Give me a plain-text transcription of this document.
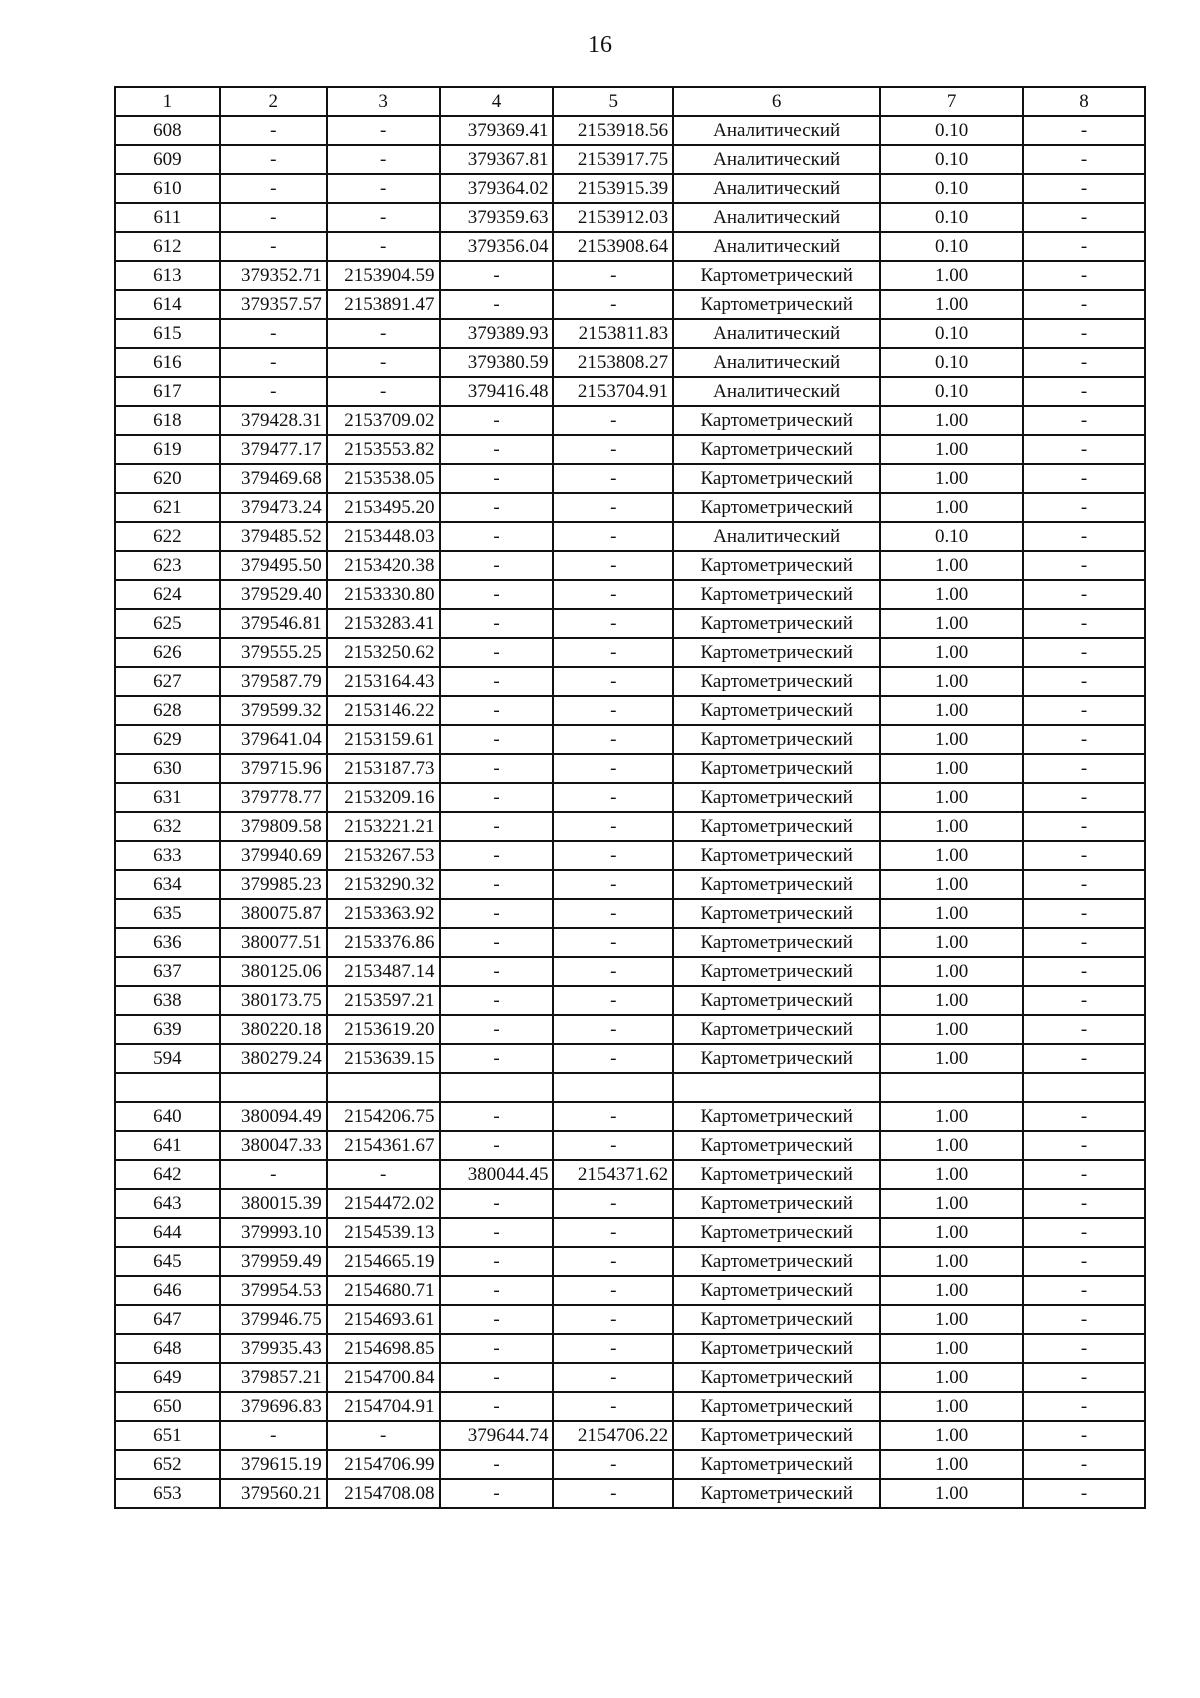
16
1	2	3	4	5	6	7	8
608	-	-	379369.41	2153918.56	Аналитический	0.10	-
609	-	-	379367.81	2153917.75	Аналитический	0.10	-
610	-	-	379364.02	2153915.39	Аналитический	0.10	-
611	-	-	379359.63	2153912.03	Аналитический	0.10	-
612	-	-	379356.04	2153908.64	Аналитический	0.10	-
613	379352.71	2153904.59	-	-	Картометрический	1.00	-
614	379357.57	2153891.47	-	-	Картометрический	1.00	-
615	-	-	379389.93	2153811.83	Аналитический	0.10	-
616	-	-	379380.59	2153808.27	Аналитический	0.10	-
617	-	-	379416.48	2153704.91	Аналитический	0.10	-
618	379428.31	2153709.02	-	-	Картометрический	1.00	-
619	379477.17	2153553.82	-	-	Картометрический	1.00	-
620	379469.68	2153538.05	-	-	Картометрический	1.00	-
621	379473.24	2153495.20	-	-	Картометрический	1.00	-
622	379485.52	2153448.03	-	-	Аналитический	0.10	-
623	379495.50	2153420.38	-	-	Картометрический	1.00	-
624	379529.40	2153330.80	-	-	Картометрический	1.00	-
625	379546.81	2153283.41	-	-	Картометрический	1.00	-
626	379555.25	2153250.62	-	-	Картометрический	1.00	-
627	379587.79	2153164.43	-	-	Картометрический	1.00	-
628	379599.32	2153146.22	-	-	Картометрический	1.00	-
629	379641.04	2153159.61	-	-	Картометрический	1.00	-
630	379715.96	2153187.73	-	-	Картометрический	1.00	-
631	379778.77	2153209.16	-	-	Картометрический	1.00	-
632	379809.58	2153221.21	-	-	Картометрический	1.00	-
633	379940.69	2153267.53	-	-	Картометрический	1.00	-
634	379985.23	2153290.32	-	-	Картометрический	1.00	-
635	380075.87	2153363.92	-	-	Картометрический	1.00	-
636	380077.51	2153376.86	-	-	Картометрический	1.00	-
637	380125.06	2153487.14	-	-	Картометрический	1.00	-
638	380173.75	2153597.21	-	-	Картометрический	1.00	-
639	380220.18	2153619.20	-	-	Картометрический	1.00	-
594	380279.24	2153639.15	-	-	Картометрический	1.00	-

640	380094.49	2154206.75	-	-	Картометрический	1.00	-
641	380047.33	2154361.67	-	-	Картометрический	1.00	-
642	-	-	380044.45	2154371.62	Картометрический	1.00	-
643	380015.39	2154472.02	-	-	Картометрический	1.00	-
644	379993.10	2154539.13	-	-	Картометрический	1.00	-
645	379959.49	2154665.19	-	-	Картометрический	1.00	-
646	379954.53	2154680.71	-	-	Картометрический	1.00	-
647	379946.75	2154693.61	-	-	Картометрический	1.00	-
648	379935.43	2154698.85	-	-	Картометрический	1.00	-
649	379857.21	2154700.84	-	-	Картометрический	1.00	-
650	379696.83	2154704.91	-	-	Картометрический	1.00	-
651	-	-	379644.74	2154706.22	Картометрический	1.00	-
652	379615.19	2154706.99	-	-	Картометрический	1.00	-
653	379560.21	2154708.08	-	-	Картометрический	1.00	-
